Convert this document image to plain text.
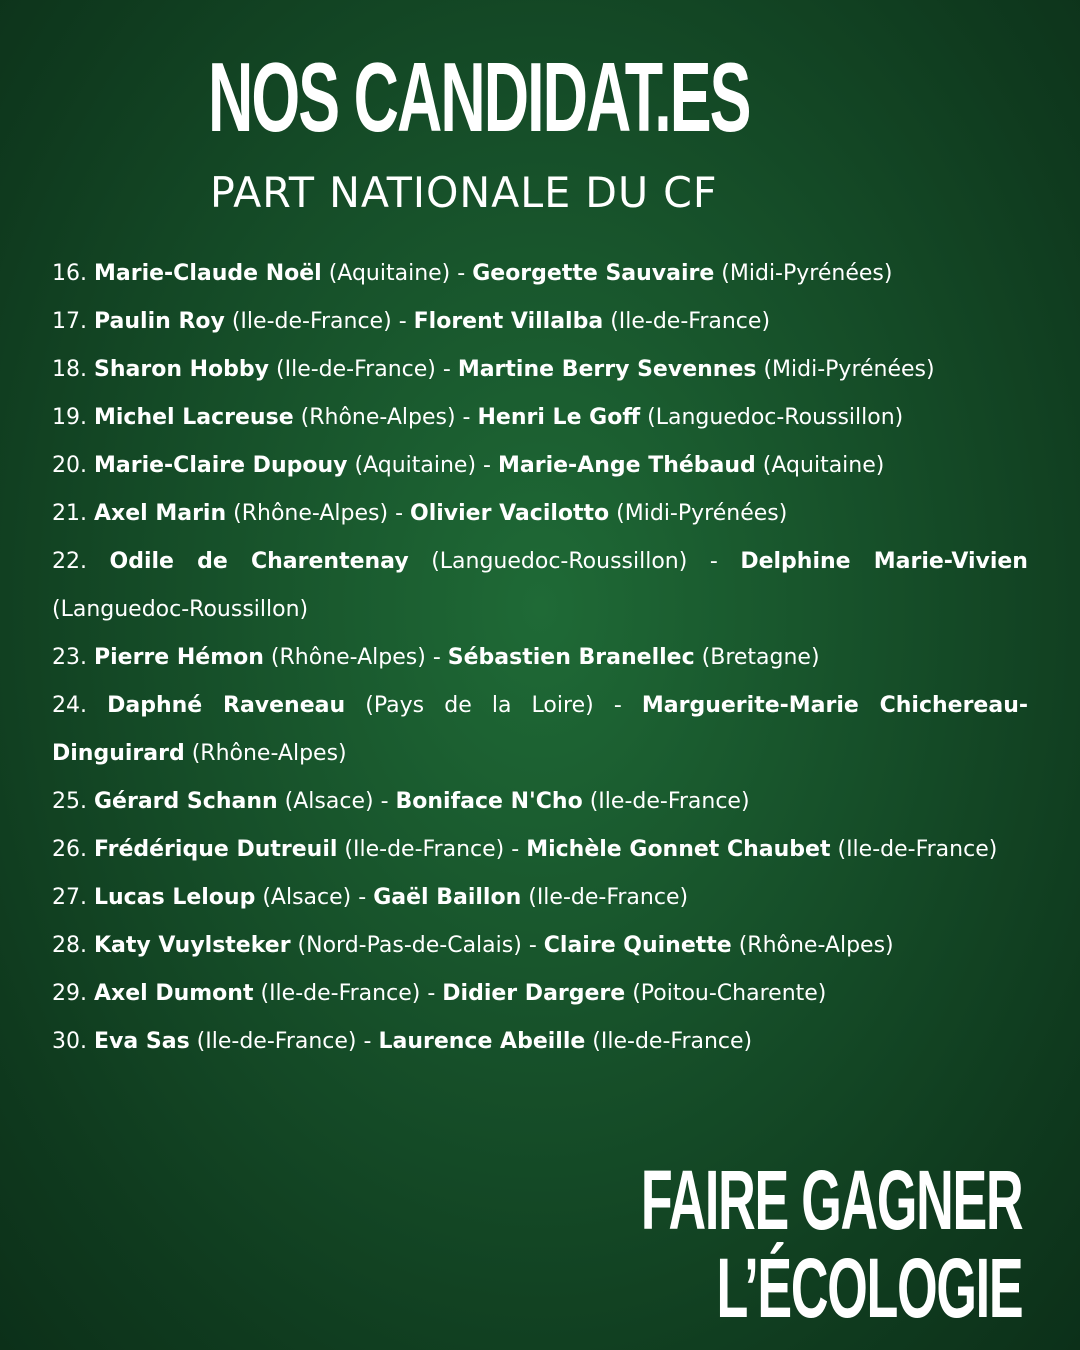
NOS CANDIDAT.ES
PART NATIONALE DU CF
16. Marie-Claude Noël (Aquitaine) - Georgette Sauvaire (Midi-Pyrénées)
17. Paulin Roy (Ile-de-France) - Florent Villalba (Ile-de-France)
18. Sharon Hobby (Ile-de-France) - Martine Berry Sevennes (Midi-Pyrénées)
19. Michel Lacreuse (Rhône-Alpes) - Henri Le Goff (Languedoc-Roussillon)
20. Marie-Claire Dupouy (Aquitaine) - Marie-Ange Thébaud (Aquitaine)
21. Axel Marin (Rhône-Alpes) - Olivier Vacilotto (Midi-Pyrénées)
22. Odile de Charentenay (Languedoc-Roussillon) - Delphine Marie-Vivien (Languedoc-Roussillon)
23. Pierre Hémon (Rhône-Alpes) - Sébastien Branellec (Bretagne)
24. Daphné Raveneau (Pays de la Loire) - Marguerite-Marie Chichereau-Dinguirard (Rhône-Alpes)
25. Gérard Schann (Alsace) - Boniface N'Cho (Ile-de-France)
26. Frédérique Dutreuil (Ile-de-France) - Michèle Gonnet Chaubet (Ile-de-France)
27. Lucas Leloup (Alsace) - Gaël Baillon (Ile-de-France)
28. Katy Vuylsteker (Nord-Pas-de-Calais) - Claire Quinette (Rhône-Alpes)
29. Axel Dumont (Ile-de-France) - Didier Dargere (Poitou-Charente)
30. Eva Sas (Ile-de-France) - Laurence Abeille (Ile-de-France)
FAIRE GAGNER
L’ÉCOLOGIE
